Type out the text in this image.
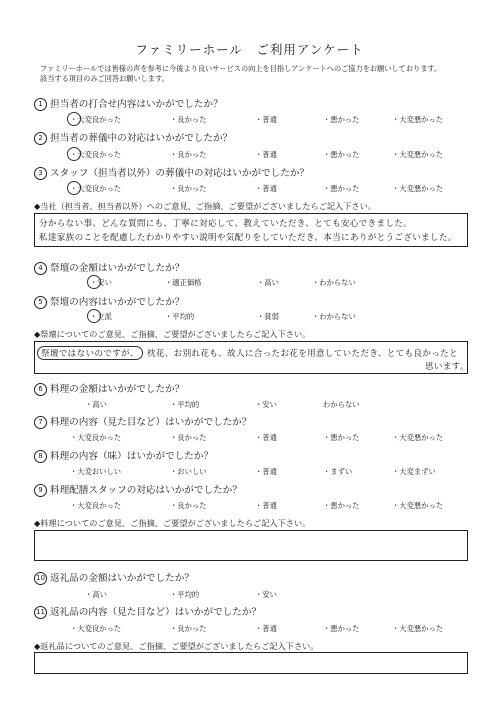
ファミリーホール　ご利用アンケート
ファミリーホールでは皆様の声を参考に今後より良いサービスの向上を目指しアンケートへのご協力をお願いしております。
該当する項目のみご回答お願いします。
1 担当者の打合せ内容はいかがでしたか？
・大変良かった	・良かった	・普通	・悪かった	・大変悪かった
2 担当者の葬儀中の対応はいかがでしたか？
・大変良かった	・良かった	・普通	・悪かった	・大変悪かった
3 スタッフ（担当者以外）の葬儀中の対応はいかがでしたか？
・大変良かった	・良かった	・普通	・悪かった	・大変悪かった
◆当社（担当者、担当者以外）へのご意見、ご指摘、ご要望がございましたらご記入下さい。
分からない事、どんな質問にも、丁寧に対応して、教えていただき、とても安心できました。
私達家族のことを配慮したわかりやすい説明や気配りをしていただき、本当にありがとうございました。
4 祭壇の金額はいかがでしたか？
・安い	・適正価格	・高い	・わからない
5 祭壇の内容はいかがでしたか？
・立派	・平均的	・貧弱	・わからない
◆祭壇についてのご意見、ご指摘、ご要望がございましたらご記入下さい。
祭壇ではないのですが、 枕花、お別れ花も、故人に合ったお花を用意していただき、とても良かったと
思います。
6 料理の金額はいかがでしたか？
・高い	・平均的	・安い	わからない
7 料理の内容（見た目など）はいかがでしたか？
・大変良かった	・良かった	・普通	・悪かった	・大変悪かった
8 料理の内容（味）はいかがでしたか？
・大変おいしい	・おいしい	・普通	・まずい	・大変まずい
9 料理配膳スタッフの対応はいかがでしたか？
・大変良かった	・良かった	・普通	・悪かった	・大変悪かった
◆料理についてのご意見、ご指摘、ご要望がございましたらご記入下さい。
10 返礼品の金額はいかがでしたか？
・高い	・平均的	・安い
11 返礼品の内容（見た目など）はいかがでしたか？
・大変良かった	・良かった	・普通	・悪かった	・大変悪かった
◆返礼品についてのご意見、ご指摘、ご要望がございましたらご記入下さい。
